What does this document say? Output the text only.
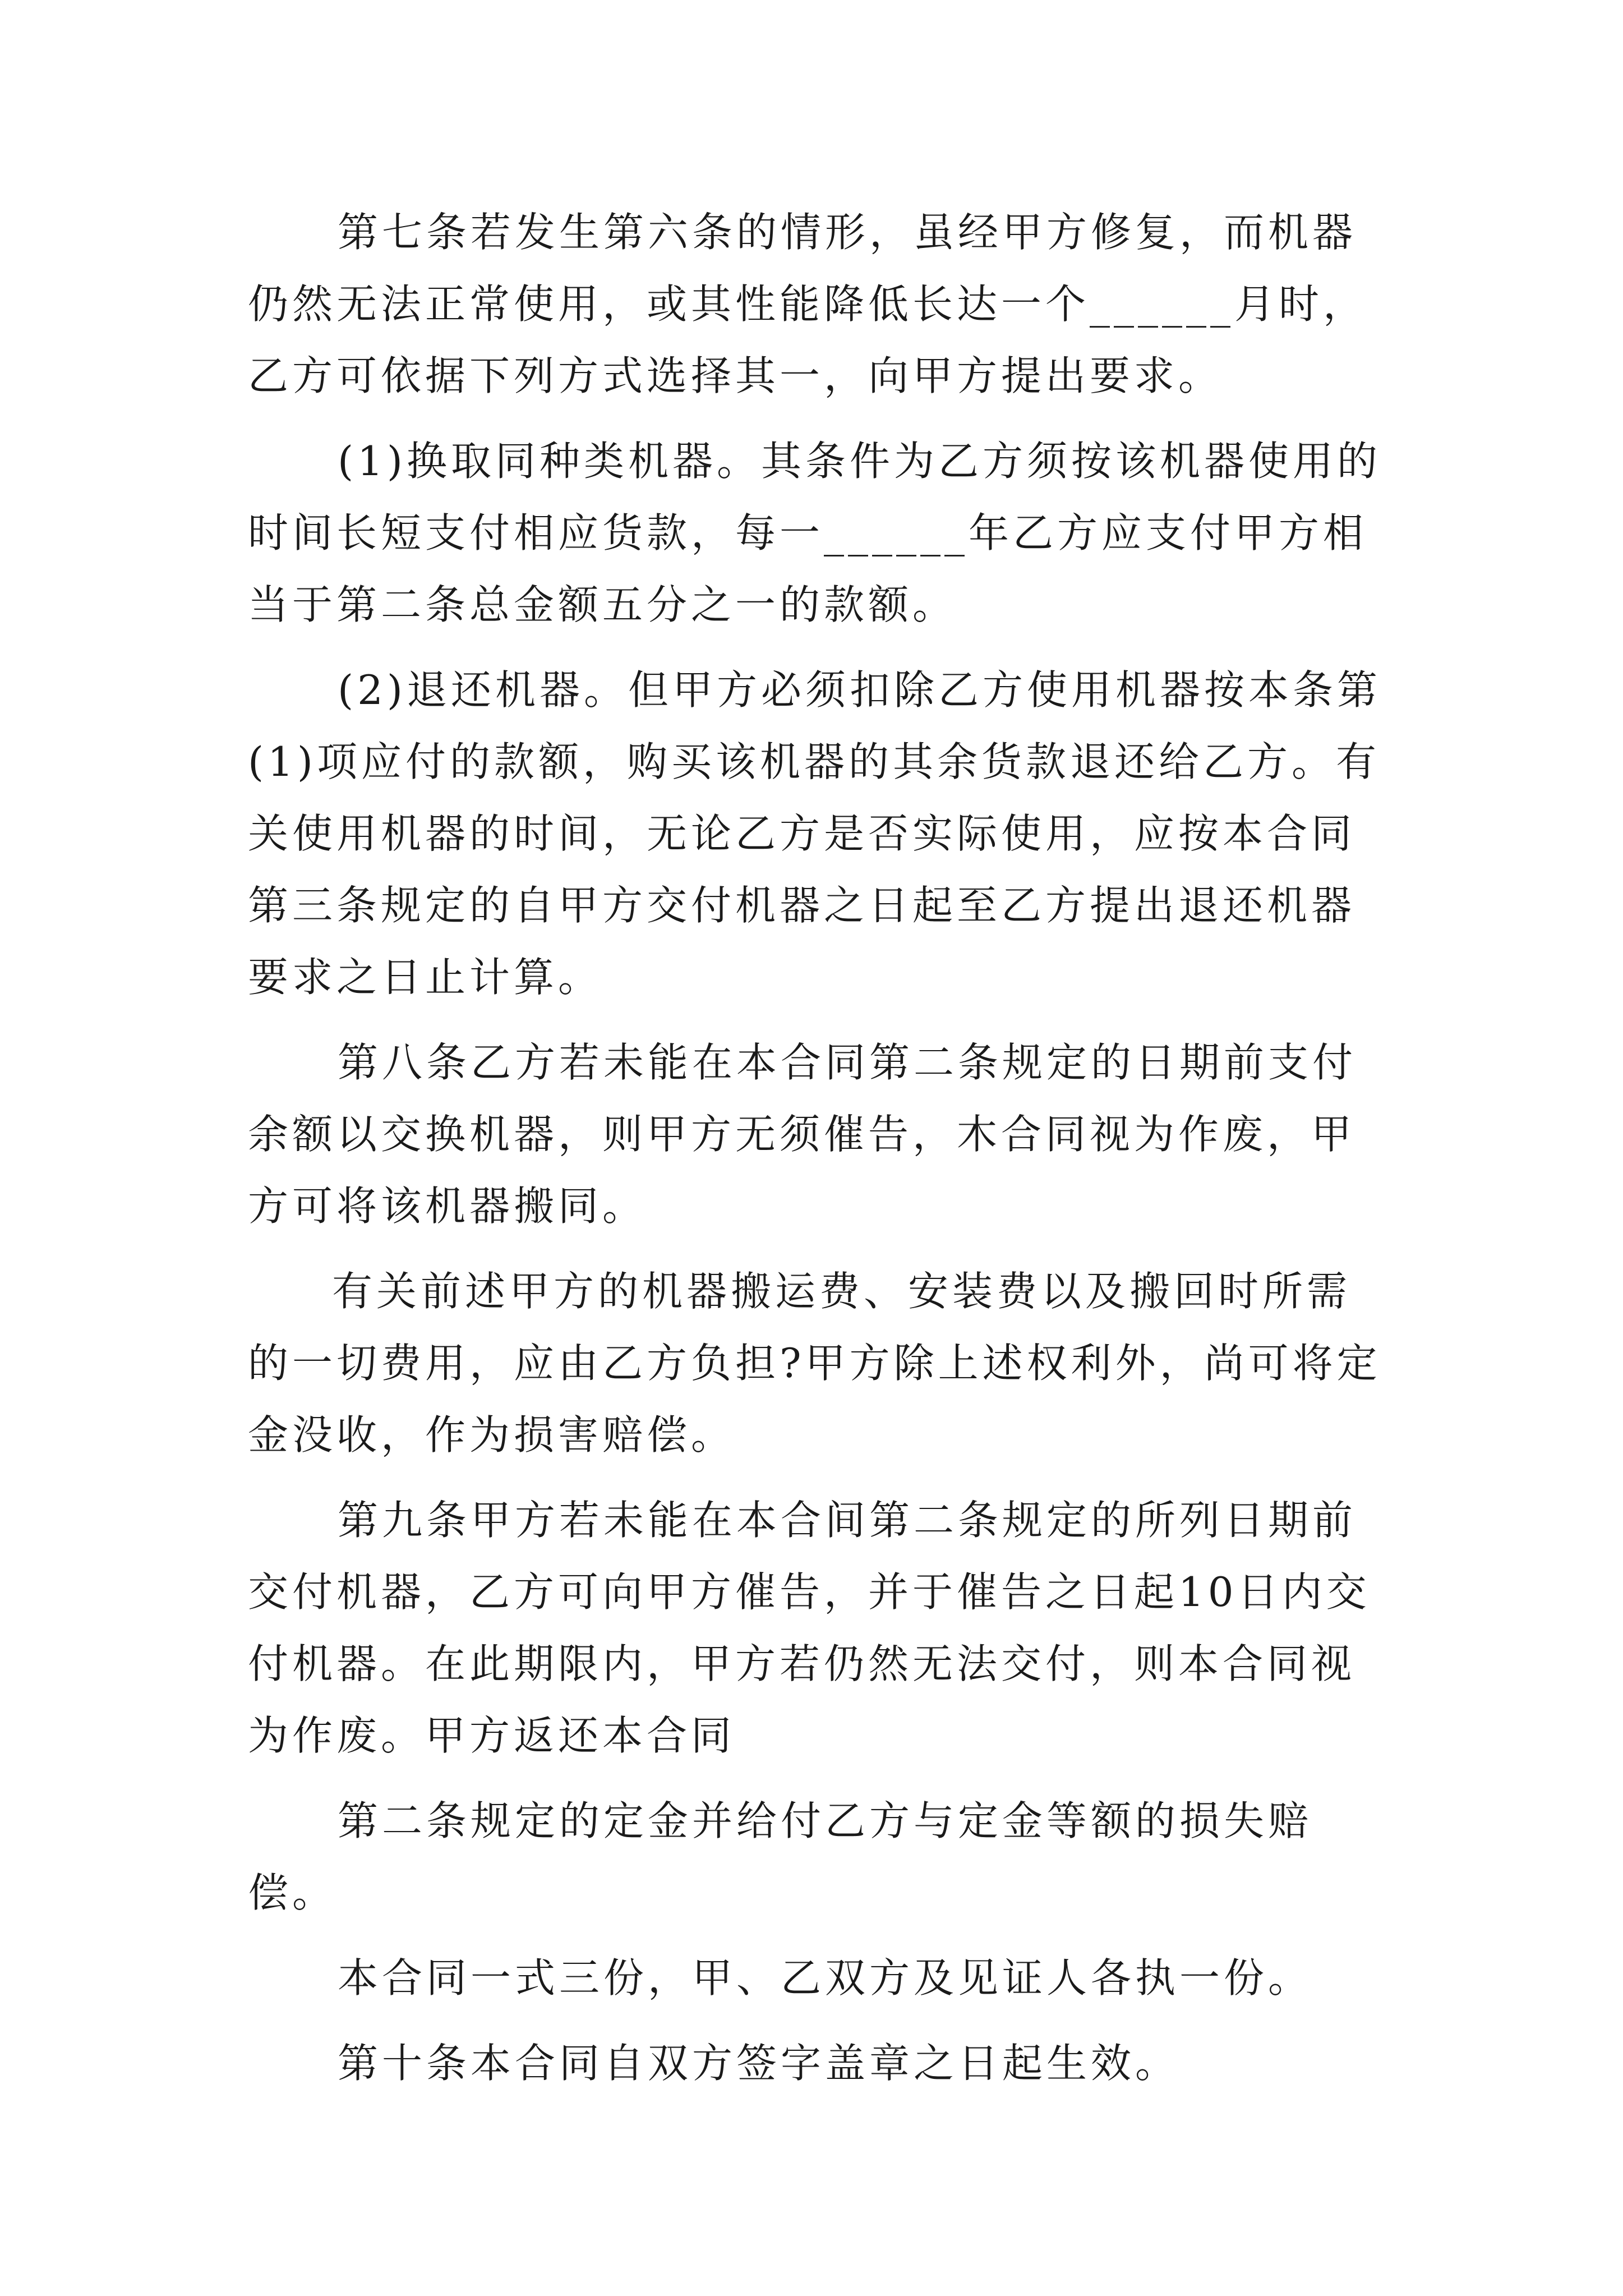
第七条若发生第六条的情形，虽经甲方修复，而机器仍然无法正常使用，或其性能降低长达一个______月时，乙方可依据下列方式选择其一，向甲方提出要求。

(1)换取同种类机器。其条件为乙方须按该机器使用的时间长短支付相应货款，每一______年乙方应支付甲方相当于第二条总金额五分之一的款额。

(2)退还机器。但甲方必须扣除乙方使用机器按本条第(1)项应付的款额，购买该机器的其余货款退还给乙方。有关使用机器的时间，无论乙方是否实际使用，应按本合同第三条规定的自甲方交付机器之日起至乙方提出退还机器要求之日止计算。

第八条乙方若未能在本合同第二条规定的日期前支付余额以交换机器，则甲方无须催告，木合同视为作废，甲方可将该机器搬同。

有关前述甲方的机器搬运费、安装费以及搬回时所需的一切费用，应由乙方负担?甲方除上述权利外，尚可将定金没收，作为损害赔偿。

第九条甲方若未能在本合间第二条规定的所列日期前交付机器，乙方可向甲方催告，并于催告之日起10日内交付机器。在此期限内，甲方若仍然无法交付，则本合同视为作废。甲方返还本合同

第二条规定的定金并给付乙方与定金等额的损失赔偿。

本合同一式三份，甲、乙双方及见证人各执一份。

第十条本合同自双方签字盖章之日起生效。
